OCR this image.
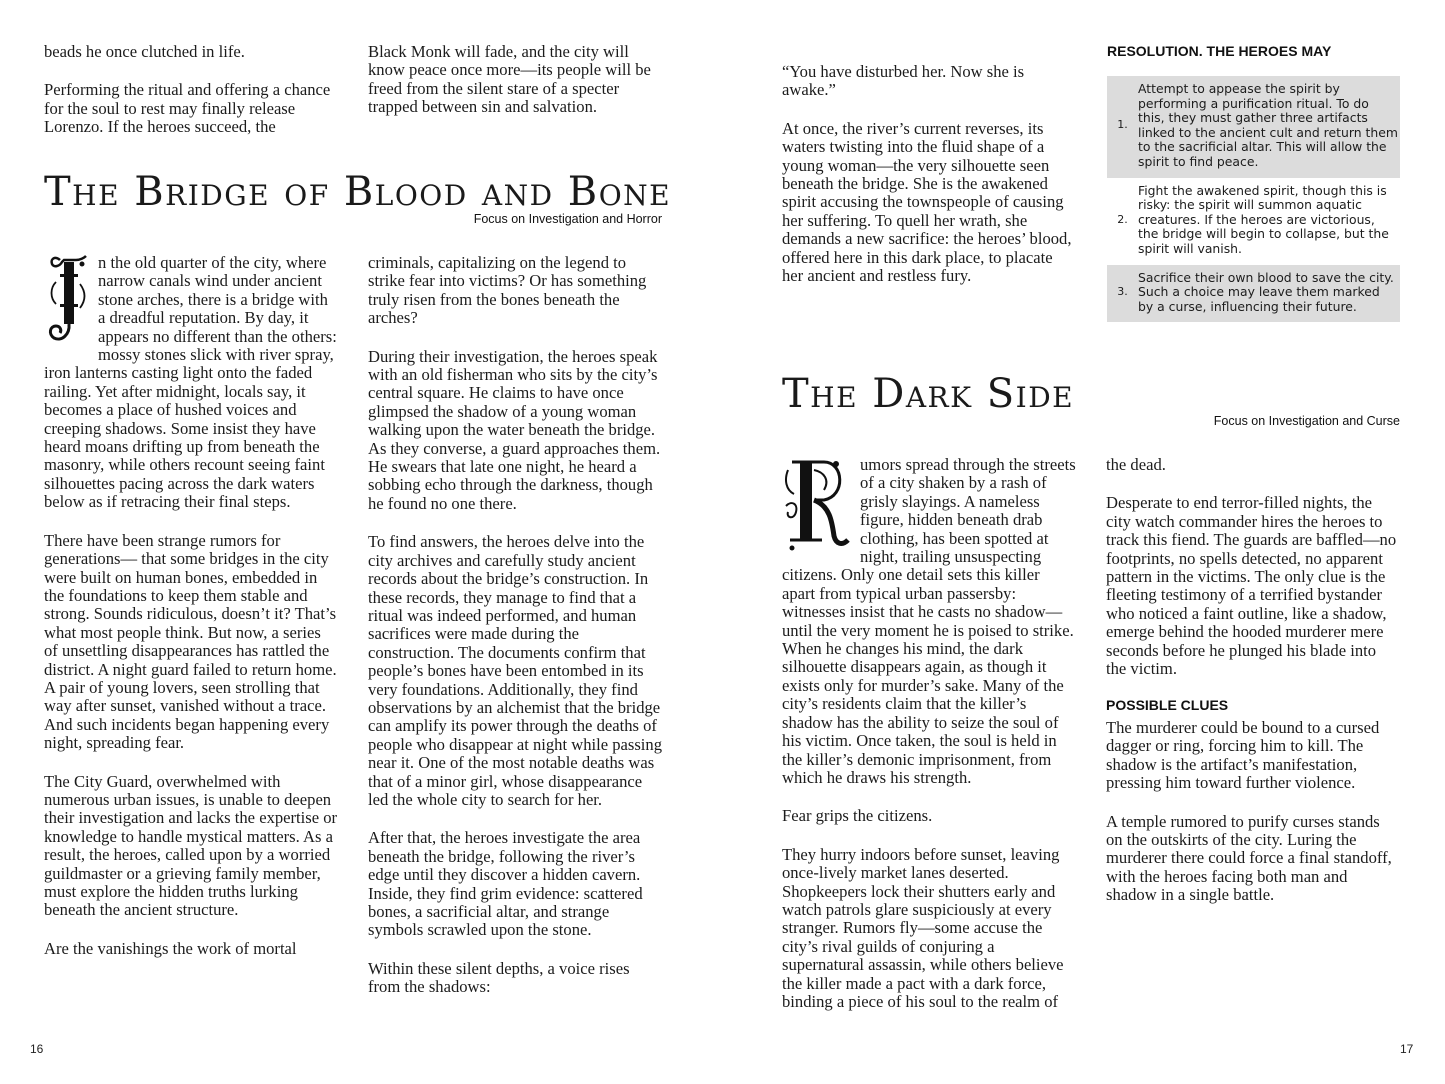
beads he once clutched in life.

Performing the ritual and offering a chance for the soul to rest may finally release Lorenzo. If the heroes succeed, the

Black Monk will fade, and the city will know peace once more—its people will be freed from the silent stare of a specter trapped between sin and salvation.

The Bridge of Blood and Bone
Focus on Investigation and Horror

n the old quarter of the city, where narrow canals wind under ancient stone arches, there is a bridge with a dreadful reputation. By day, it appears no different than the others: mossy stones slick with river spray, iron lanterns casting light onto the faded railing. Yet after midnight, locals say, it becomes a place of hushed voices and creeping shadows. Some insist they have heard moans drifting up from beneath the masonry, while others recount seeing faint silhouettes pacing across the dark waters below as if retracing their final steps.

There have been strange rumors for generations— that some bridges in the city were built on human bones, embedded in the foundations to keep them stable and strong. Sounds ridiculous, doesn’t it? That’s what most people think. But now, a series of unsettling disappearances has rattled the district. A night guard failed to return home. A pair of young lovers, seen strolling that way after sunset, vanished without a trace. And such incidents began happening every night, spreading fear.

The City Guard, overwhelmed with numerous urban issues, is unable to deepen their investigation and lacks the expertise or knowledge to handle mystical matters. As a result, the heroes, called upon by a worried guildmaster or a grieving family member, must explore the hidden truths lurking beneath the ancient structure.

Are the vanishings the work of mortal

criminals, capitalizing on the legend to strike fear into victims? Or has something truly risen from the bones beneath the arches?

During their investigation, the heroes speak with an old fisherman who sits by the city’s central square. He claims to have once glimpsed the shadow of a young woman walking upon the water beneath the bridge. As they converse, a guard approaches them. He swears that late one night, he heard a sobbing echo through the darkness, though he found no one there.

To find answers, the heroes delve into the city archives and carefully study ancient records about the bridge’s construction. In these records, they manage to find that a ritual was indeed performed, and human sacrifices were made during the construction. The documents confirm that people’s bones have been entombed in its very foundations. Additionally, they find observations by an alchemist that the bridge can amplify its power through the deaths of people who disappear at night while passing near it. One of the most notable deaths was that of a minor girl, whose disappearance led the whole city to search for her.

After that, the heroes investigate the area beneath the bridge, following the river’s edge until they discover a hidden cavern. Inside, they find grim evidence: scattered bones, a sacrificial altar, and strange symbols scrawled upon the stone.

Within these silent depths, a voice rises from the shadows:

16

“You have disturbed her. Now she is awake.”

At once, the river’s current reverses, its waters twisting into the fluid shape of a young woman—the very silhouette seen beneath the bridge. She is the awakened spirit accusing the townspeople of causing her suffering. To quell her wrath, she demands a new sacrifice: the heroes’ blood, offered here in this dark place, to placate her ancient and restless fury.

RESOLUTION. THE HEROES MAY
1.
Attempt to appease the spirit by performing a purification ritual. To do this, they must gather three artifacts linked to the ancient cult and return them to the sacrificial altar. This will allow the spirit to find peace.
2.
Fight the awakened spirit, though this is risky: the spirit will summon aquatic creatures. If the heroes are victorious, the bridge will begin to collapse, but the spirit will vanish.
3.
Sacrifice their own blood to save the city. Such a choice may leave them marked by a curse, influencing their future.
The Dark Side
Focus on Investigation and Curse

umors spread through the streets of a city shaken by a rash of grisly slayings. A nameless figure, hidden beneath drab clothing, has been spotted at night, trailing unsuspecting citizens. Only one detail sets this killer apart from typical urban passersby: witnesses insist that he casts no shadow—until the very moment he is poised to strike. When he changes his mind, the dark silhouette disappears again, as though it exists only for murder’s sake. Many of the city’s residents claim that the killer’s shadow has the ability to seize the soul of his victim. Once taken, the soul is held in the killer’s demonic imprisonment, from which he draws his strength.

Fear grips the citizens.

They hurry indoors before sunset, leaving once-lively market lanes deserted. Shopkeepers lock their shutters early and watch patrols glare suspiciously at every stranger. Rumors fly—some accuse the city’s rival guilds of conjuring a supernatural assassin, while others believe the killer made a pact with a dark force, binding a piece of his soul to the realm of

the dead.

Desperate to end terror-filled nights, the city watch commander hires the heroes to track this fiend. The guards are baffled—no footprints, no spells detected, no apparent pattern in the victims. The only clue is the fleeting testimony of a terrified bystander who noticed a faint outline, like a shadow, emerge behind the hooded murderer mere seconds before he plunged his blade into the victim.

POSSIBLE CLUES

The murderer could be bound to a cursed dagger or ring, forcing him to kill. The shadow is the artifact’s manifestation, pressing him toward further violence.

A temple rumored to purify curses stands on the outskirts of the city. Luring the murderer there could force a final standoff, with the heroes facing both man and shadow in a single battle.

17
